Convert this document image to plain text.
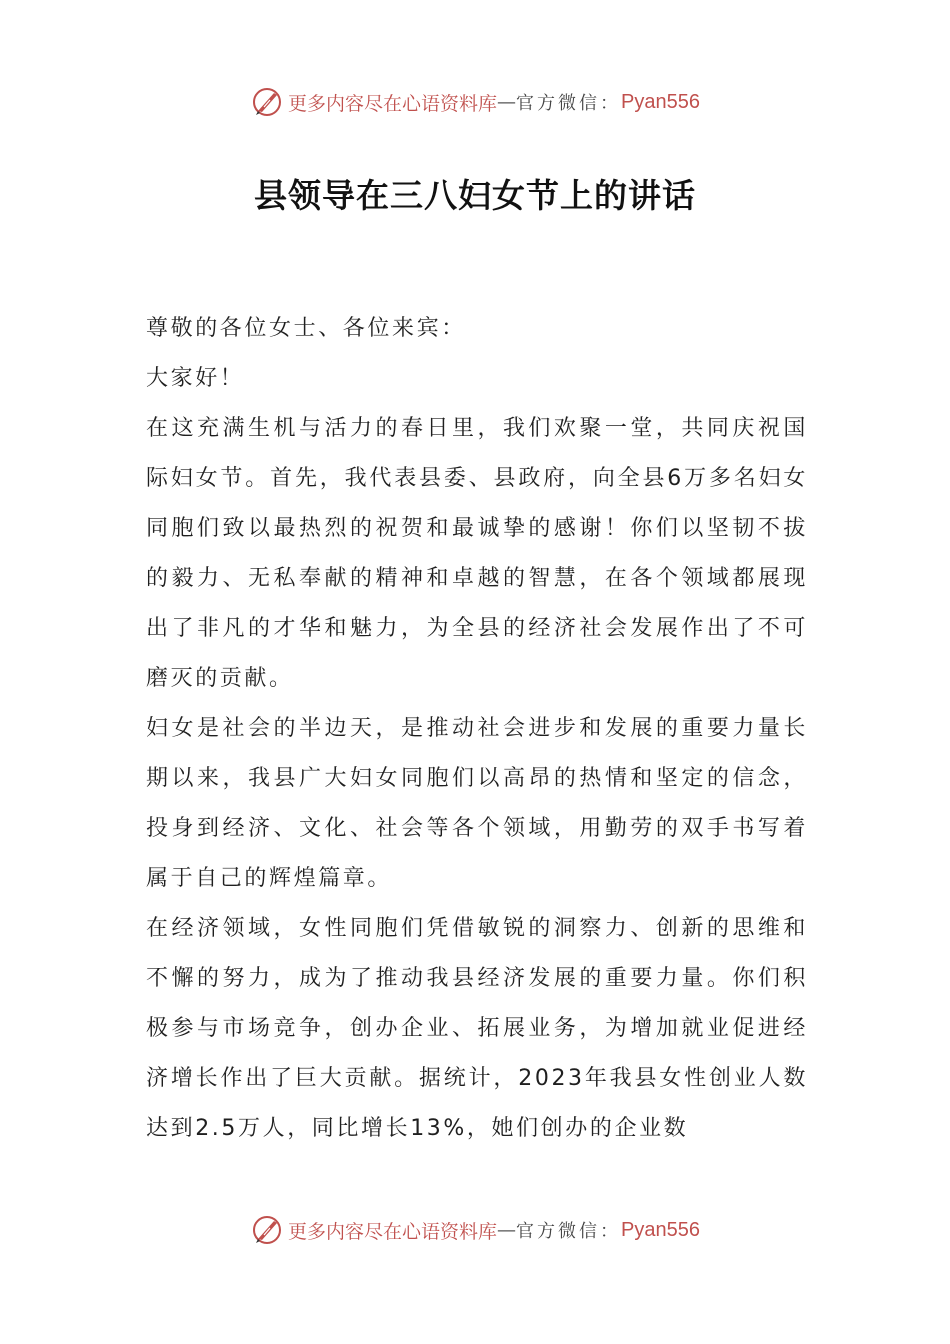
更多内容尽在心语资料库 — 官方微信： Pyan556
县领导在三八妇女节上的讲话

尊敬的各位女士、各位来宾：

大家好！

在这充满生机与活力的春日里，我们欢聚一堂，共同庆祝国际妇女节。首先，我代表县委、县政府，向全县6万多名妇女同胞们致以最热烈的祝贺和最诚挚的感谢！你们以坚韧不拔的毅力、无私奉献的精神和卓越的智慧，在各个领域都展现出了非凡的才华和魅力，为全县的经济社会发展作出了不可磨灭的贡献。

妇女是社会的半边天，是推动社会进步和发展的重要力量长期以来，我县广大妇女同胞们以高昂的热情和坚定的信念，投身到经济、文化、社会等各个领域，用勤劳的双手书写着属于自己的辉煌篇章。

在经济领域，女性同胞们凭借敏锐的洞察力、创新的思维和不懈的努力，成为了推动我县经济发展的重要力量。你们积极参与市场竞争，创办企业、拓展业务，为增加就业促进经济增长作出了巨大贡献。据统计，2023年我县女性创业人数达到2.5万人，同比增长13%，她们创办的企业数

更多内容尽在心语资料库 — 官方微信： Pyan556
